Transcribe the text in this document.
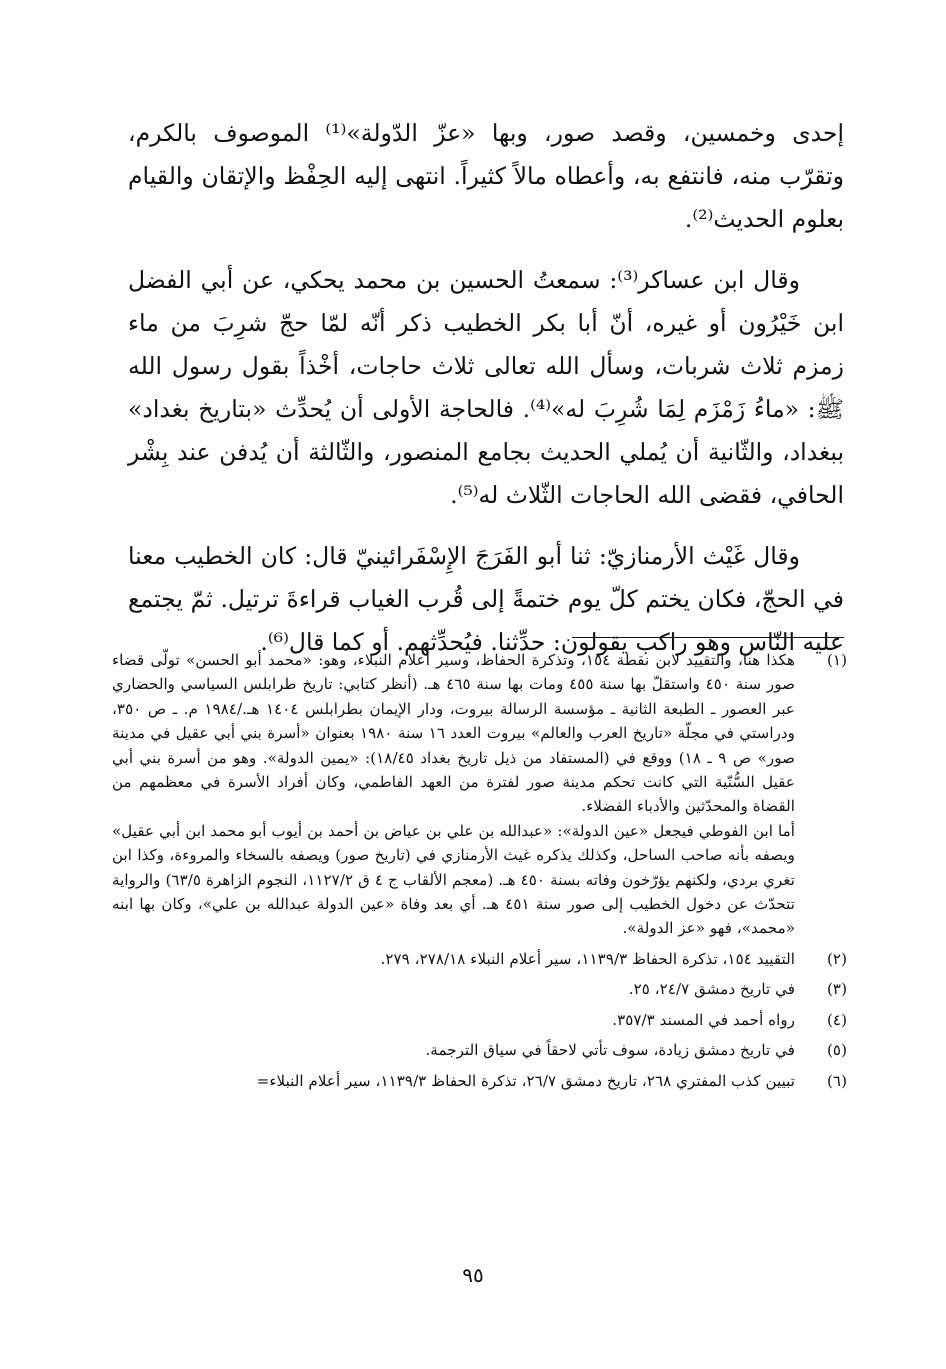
إحدى وخمسين، وقصد صور، وبها «عزّ الدّولة»⁽¹⁾ الموصوف بالكرم، وتقرّب منه، فانتفع به، وأعطاه مالاً كثيراً. انتهى إليه الحِفْظ والإتقان والقيام بعلوم الحديث⁽²⁾.

وقال ابن عساكر⁽³⁾: سمعتُ الحسين بن محمد يحكي، عن أبي الفضل ابن خَيْرُون أو غيره، أنّ أبا بكر الخطيب ذكر أنّه لمّا حجّ شرِبَ من ماء زمزم ثلاث شربات، وسأل الله تعالى ثلاث حاجات، أخْذاً بقول رسول الله ﷺ: «ماءُ زَمْزَم لِمَا شُرِبَ له»⁽⁴⁾. فالحاجة الأولى أن يُحدِّث «بتاريخ بغداد» ببغداد، والثّانية أن يُملي الحديث بجامع المنصور، والثّالثة أن يُدفن عند بِشْر الحافي، فقضى الله الحاجات الثّلاث له⁽⁵⁾.

وقال غَيْث الأرمنازيّ: ثنا أبو الفَرَجَ الإِسْفَرائينيّ قال: كان الخطيب معنا في الحجّ، فكان يختم كلّ يوم ختمةً إلى قُرب الغياب قراءةَ ترتيل. ثمّ يجتمع عليه النّاس وهو راكب يقولون: حدِّثنا. فيُحدِّثهم. أو كما قال⁽⁶⁾.

(١)

هكذا هنا، والتقييد لابن نقطة ١٥٤، وتذكرة الحفاظ، وسير أعلام النبلاء، وهو: «محمد أبو الحسن» تولّى قضاء صور سنة ٤٥٠ واستقلّ بها سنة ٤٥٥ ومات بها سنة ٤٦٥ هـ. (أنظر كتابي: تاريخ طرابلس السياسي والحضاري عبر العصور ـ الطبعة الثانية ـ مؤسسة الرسالة بيروت، ودار الإيمان بطرابلس ١٤٠٤ هـ./١٩٨٤ م. ـ ص ٣٥٠، ودراستي في مجلّة «تاريخ العرب والعالم» بيروت العدد ١٦ سنة ١٩٨٠ بعنوان «أسرة بني أبي عقيل في مدينة صور» ص ٩ ـ ١٨) ووقع في (المستفاد من ذيل تاريخ بغداد ١٨/٤٥): «يمين الدولة». وهو من أسرة بني أبي عقيل السُّنّية التي كانت تحكم مدينة صور لفترة من العهد الفاطمي، وكان أفراد الأسرة في معظمهم من القضاة والمحدّثين والأدباء الفضلاء.

أما ابن الفوطي فيجعل «عين الدولة»: «عبدالله بن علي بن عياض بن أحمد بن أيوب أبو محمد ابن أبي عقيل» ويصفه بأنه صاحب الساحل، وكذلك يذكره غيث الأرمنازي في (تاريخ صور) ويصفه بالسخاء والمروءة، وكذا ابن تغري بردي، ولكنهم يؤرّخون وفاته بسنة ٤٥٠ هـ. (معجم الألقاب ج ٤ ق ١١٢٧/٢، النجوم الزاهرة ٦٣/٥) والرواية تتحدّث عن دخول الخطيب إلى صور سنة ٤٥١ هـ. أي بعد وفاة «عين الدولة عبدالله بن علي»، وكان بها ابنه «محمد»، فهو «عز الدولة».

(٢)
التقييد ١٥٤، تذكرة الحفاظ ١١٣٩/٣، سير أعلام النبلاء ٢٧٨/١٨، ٢٧٩.
(٣)
في تاريخ دمشق ٢٤/٧، ٢٥.
(٤)
رواه أحمد في المسند ٣٥٧/٣.
(٥)
في تاريخ دمشق زيادة، سوف تأتي لاحقاً في سياق الترجمة.
(٦)
تبيين كذب المفتري ٢٦٨، تاريخ دمشق ٢٦/٧، تذكرة الحفاظ ١١٣٩/٣، سير أعلام النبلاء=
٩٥
